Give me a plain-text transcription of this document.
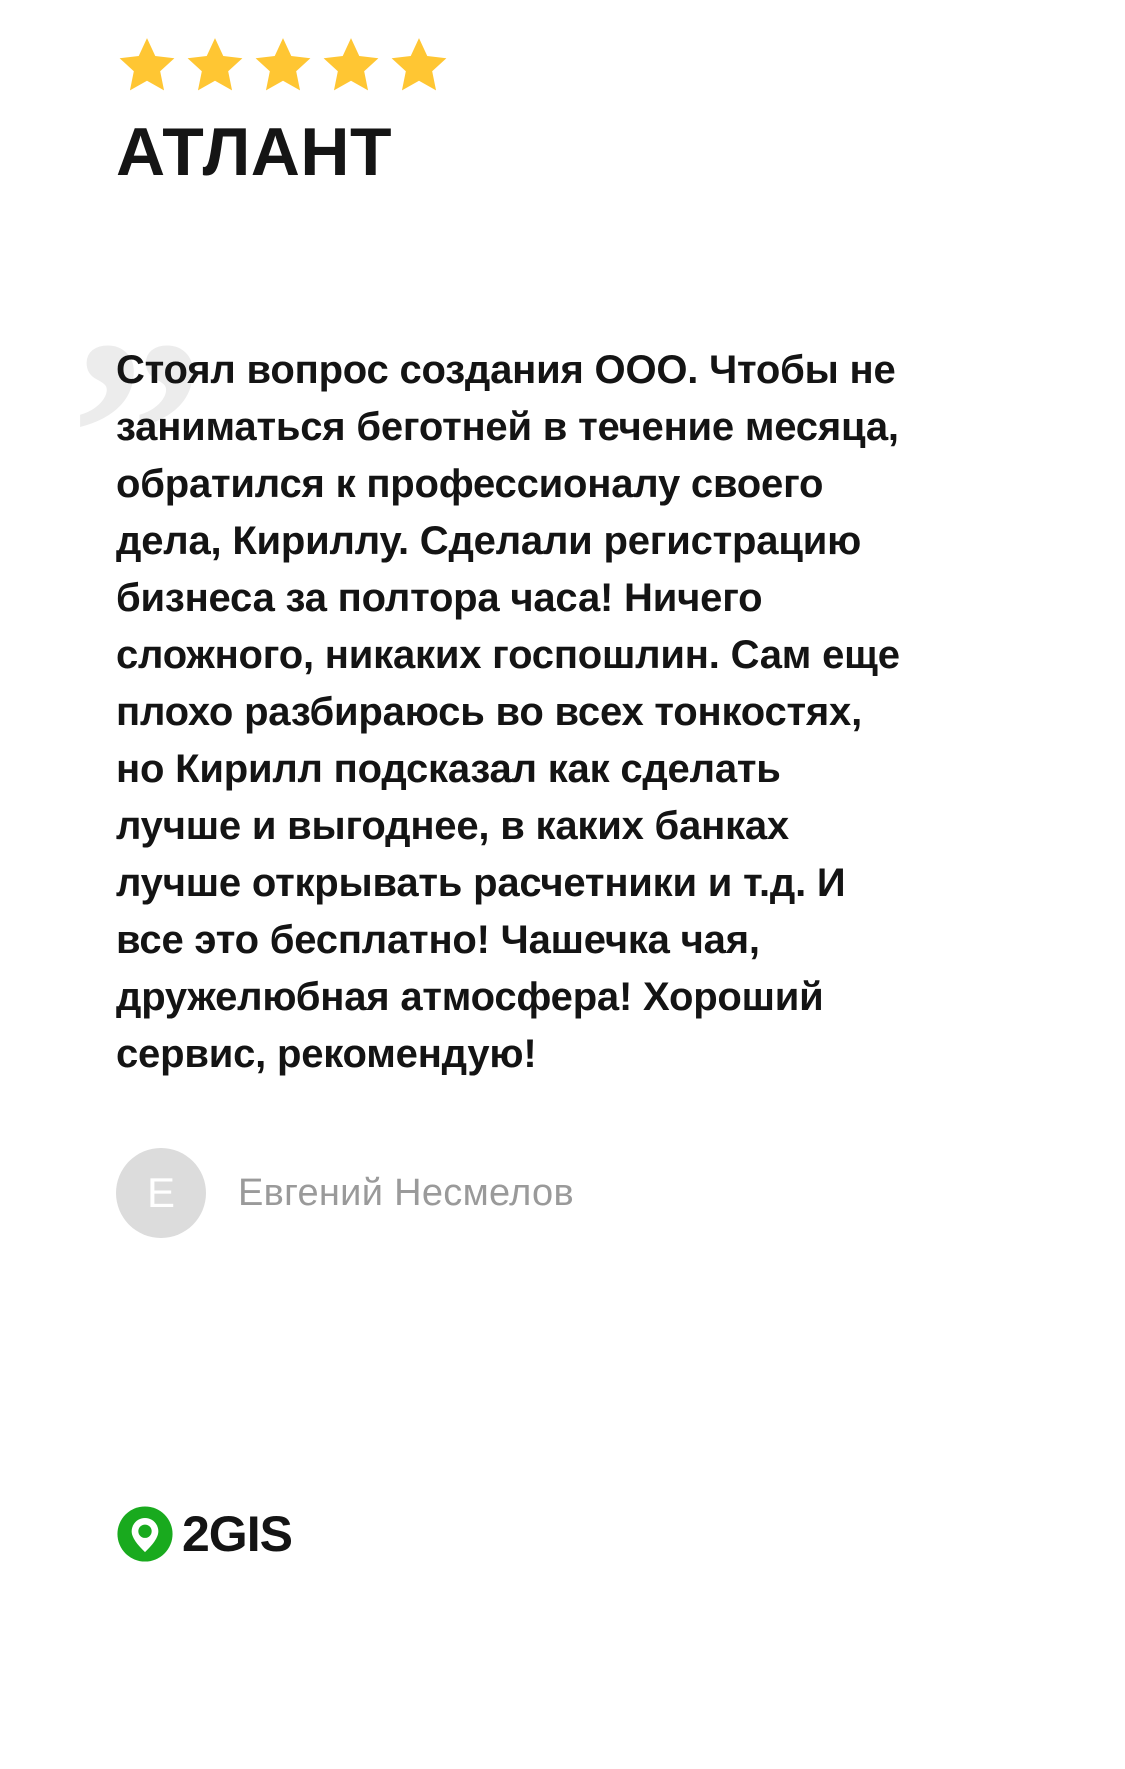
АТЛАНТ
”

Стоял вопрос создания ООО. Чтобы не заниматься беготней в течение месяца, обратился к профессионалу своего дела, Кириллу. Сделали регистрацию бизнеса за полтора часа! Ничего сложного, никаких госпошлин. Сам еще плохо разбираюсь во всех тонкостях, но Кирилл подсказал как сделать лучше и выгоднее, в каких банках лучше открывать расчетники и т.д. И все это бесплатно! Чашечка чая, дружелюбная атмосфера! Хороший сервис, рекомендую!

Е	Евгений Несмелов
2GIS
